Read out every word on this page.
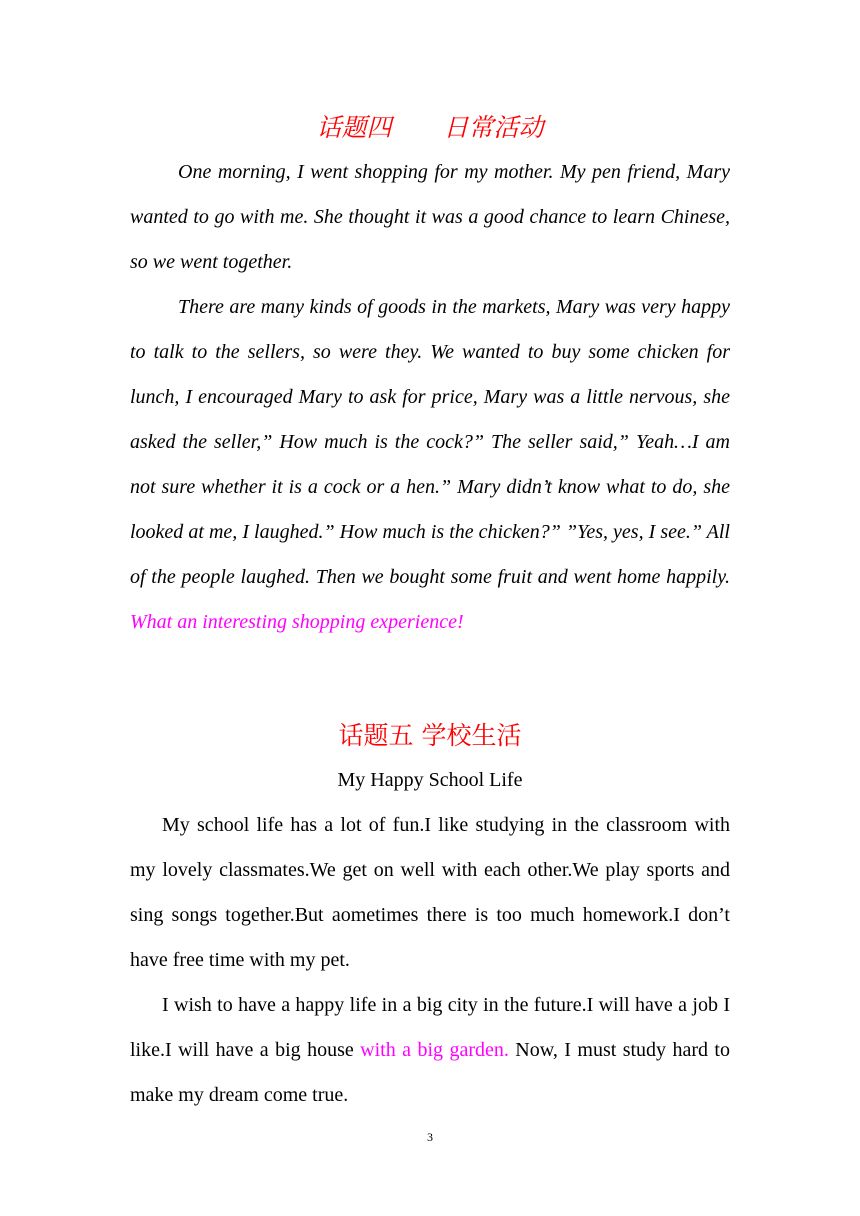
话题四 日常活动

One morning, I went shopping for my mother. My pen friend, Mary wanted to go with me. She thought it was a good chance to learn Chinese, so we went together.

There are many kinds of goods in the markets, Mary was very happy to talk to the sellers, so were they. We wanted to buy some chicken for lunch, I encouraged Mary to ask for price, Mary was a little nervous, she asked the seller,” How much is the cock?” The seller said,” Yeah…I am not sure whether it is a cock or a hen.” Mary didn’t know what to do, she looked at me, I laughed.” How much is the chicken?” ”Yes, yes, I see.” All of the people laughed. Then we bought some fruit and went home happily. What an interesting shopping experience!

话题五 学校生活
My Happy School Life

My school life has a lot of fun.I like studying in the classroom with my lovely classmates.We get on well with each other.We play sports and sing songs together.But aometimes there is too much homework.I don’t have free time with my pet.

I wish to have a happy life in a big city in the future.I will have a job I like.I will have a big house with a big garden. Now, I must study hard to make my dream come true.

3
